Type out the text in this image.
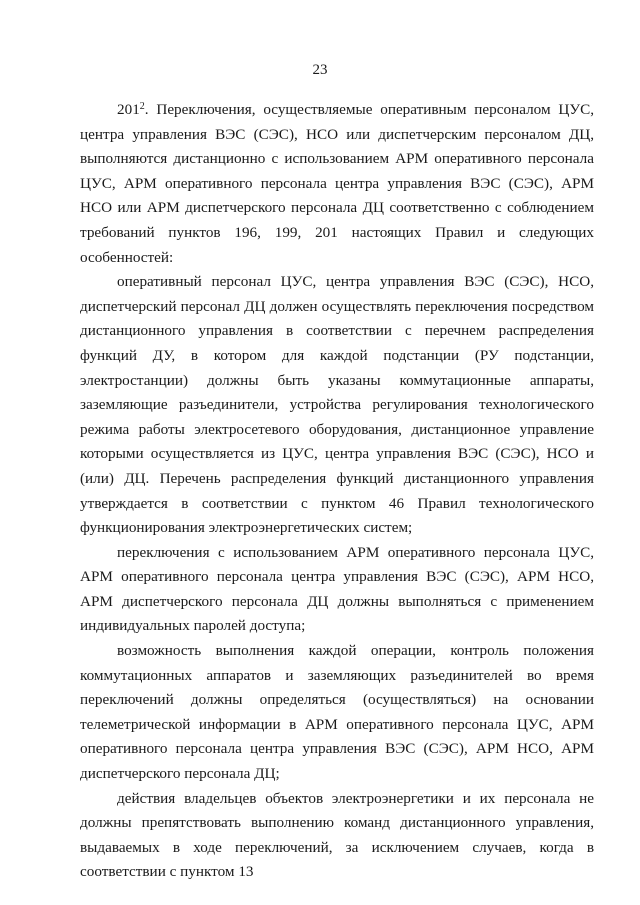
23

$201^2$. Переключения, осуществляемые оперативным персоналом ЦУС, центра управления ВЭС (СЭС), НСО или диспетчерским персоналом ДЦ, выполняются дистанционно с использованием АРМ оперативного персонала ЦУС, АРМ оперативного персонала центра управления ВЭС (СЭС), АРМ НСО или АРМ диспетчерского персонала ДЦ соответственно с соблюдением требований пунктов 196, 199, 201 настоящих Правил и следующих особенностей:

оперативный персонал ЦУС, центра управления ВЭС (СЭС), НСО, диспетчерский персонал ДЦ должен осуществлять переключения посредством дистанционного управления в соответствии с перечнем распределения функций ДУ, в котором для каждой подстанции (РУ подстанции, электростанции) должны быть указаны коммутационные аппараты, заземляющие разъединители, устройства регулирования технологического режима работы электросетевого оборудования, дистанционное управление которыми осуществляется из ЦУС, центра управления ВЭС (СЭС), НСО и (или) ДЦ. Перечень распределения функций дистанционного управления утверждается в соответствии с пунктом 46 Правил технологического функционирования электроэнергетических систем;

переключения с использованием АРМ оперативного персонала ЦУС, АРМ оперативного персонала центра управления ВЭС (СЭС), АРМ НСО, АРМ диспетчерского персонала ДЦ должны выполняться с применением индивидуальных паролей доступа;

возможность выполнения каждой операции, контроль положения коммутационных аппаратов и заземляющих разъединителей во время переключений должны определяться (осуществляться) на основании телеметрической информации в АРМ оперативного персонала ЦУС, АРМ оперативного персонала центра управления ВЭС (СЭС), АРМ НСО, АРМ диспетчерского персонала ДЦ;

действия владельцев объектов электроэнергетики и их персонала не должны препятствовать выполнению команд дистанционного управления, выдаваемых в ходе переключений, за исключением случаев, когда в соответствии с пунктом 13
